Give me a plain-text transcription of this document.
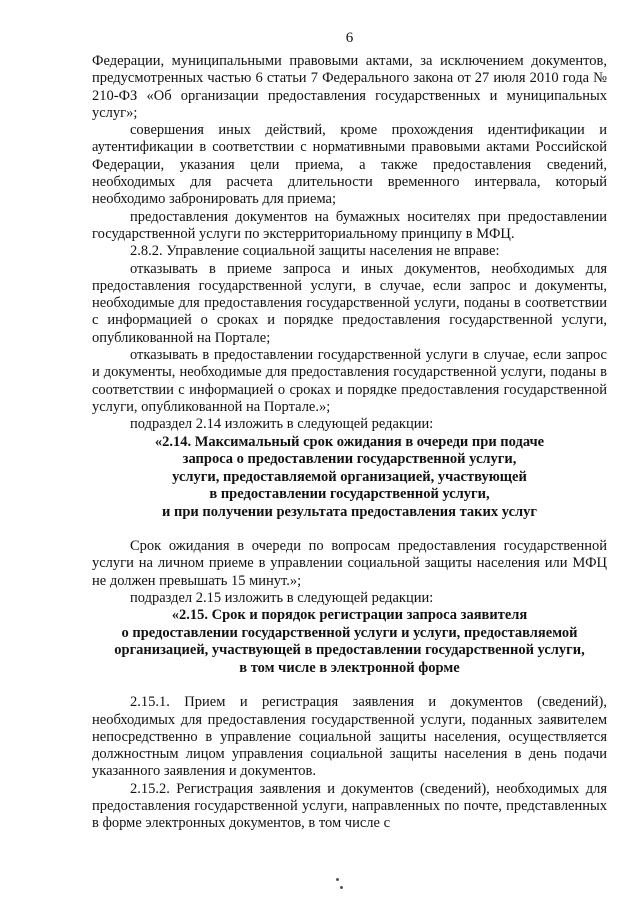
6

Федерации, муниципальными правовыми актами, за исключением документов, предусмотренных частью 6 статьи 7 Федерального закона от 27 июля 2010 года № 210-ФЗ «Об организации предоставления государственных и муниципальных услуг»;

совершения иных действий, кроме прохождения идентификации и аутентификации в соответствии с нормативными правовыми актами Российской Федерации, указания цели приема, а также предоставления сведений, необходимых для расчета длительности временного интервала, который необходимо забронировать для приема;

предоставления документов на бумажных носителях при предоставлении государственной услуги по экстерриториальному принципу в МФЦ.

2.8.2. Управление социальной защиты населения не вправе:

отказывать в приеме запроса и иных документов, необходимых для предоставления государственной услуги, в случае, если запрос и документы, необходимые для предоставления государственной услуги, поданы в соответствии с информацией о сроках и порядке предоставления государственной услуги, опубликованной на Портале;

отказывать в предоставлении государственной услуги в случае, если запрос и документы, необходимые для предоставления государственной услуги, поданы в соответствии с информацией о сроках и порядке предоставления государственной услуги, опубликованной на Портале.»;

подраздел 2.14 изложить в следующей редакции:

«2.14. Максимальный срок ожидания в очереди при подаче

запроса о предоставлении государственной услуги,

услуги, предоставляемой организацией, участвующей

в предоставлении государственной услуги,

и при получении результата предоставления таких услуг

Срок ожидания в очереди по вопросам предоставления государственной услуги на личном приеме в управлении социальной защиты населения или МФЦ не должен превышать 15 минут.»;

подраздел 2.15 изложить в следующей редакции:

«2.15. Срок и порядок регистрации запроса заявителя

о предоставлении государственной услуги и услуги, предоставляемой

организацией, участвующей в предоставлении государственной услуги,

в том числе в электронной форме

2.15.1. Прием и регистрация заявления и документов (сведений), необходимых для предоставления государственной услуги, поданных заявителем непосредственно в управление социальной защиты населения, осуществляется должностным лицом управления социальной защиты населения в день подачи указанного заявления и документов.

2.15.2. Регистрация заявления и документов (сведений), необходимых для предоставления государственной услуги, направленных по почте, представленных в форме электронных документов, в том числе с
